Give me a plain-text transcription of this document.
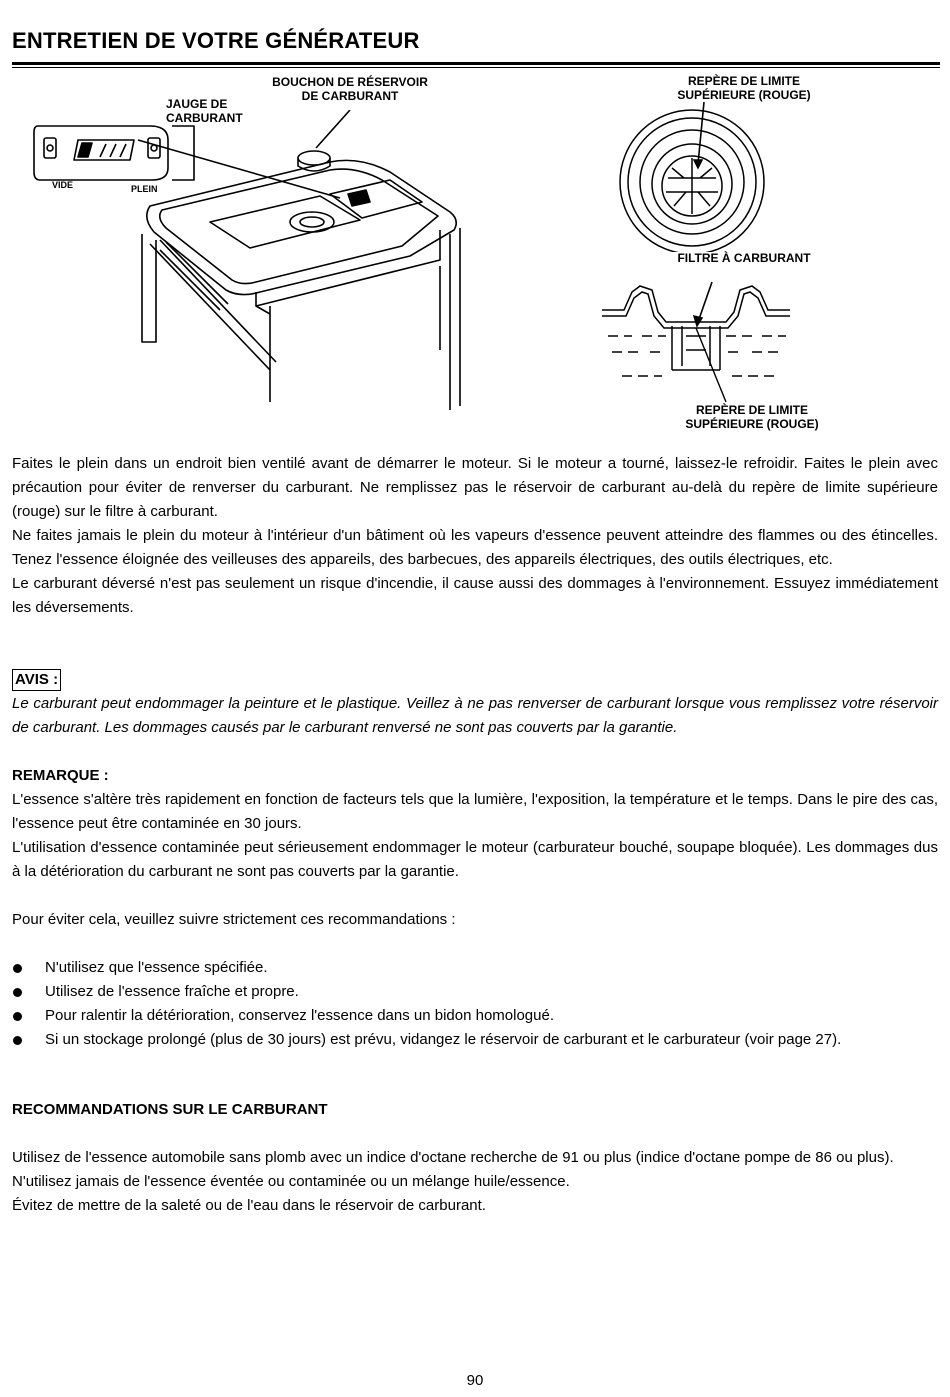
ENTRETIEN DE VOTRE GÉNÉRATEUR
BOUCHON DE RÉSERVOIR
DE CARBURANT
JAUGE DE
CARBURANT
VIDE	PLEIN
REPÈRE DE LIMITE
SUPÉRIEURE (ROUGE)
FILTRE À CARBURANT
REPÈRE DE LIMITE
SUPÉRIEURE (ROUGE)

Faites le plein dans un endroit bien ventilé avant de démarrer le moteur. Si le moteur a tourné, laissez-le refroidir. Faites le plein avec précaution pour éviter de renverser du carburant. Ne remplissez pas le réservoir de carburant au-delà du repère de limite supérieure (rouge) sur le filtre à carburant.

Ne faites jamais le plein du moteur à l'intérieur d'un bâtiment où les vapeurs d'essence peuvent atteindre des flammes ou des étincelles. Tenez l'essence éloignée des veilleuses des appareils, des barbecues, des appareils électriques, des outils électriques, etc.

Le carburant déversé n'est pas seulement un risque d'incendie, il cause aussi des dommages à l'environnement. Essuyez immédiatement les déversements.

AVIS :

Le carburant peut endommager la peinture et le plastique. Veillez à ne pas renverser de carburant lorsque vous remplissez votre réservoir de carburant. Les dommages causés par le carburant renversé ne sont pas couverts par la garantie.

REMARQUE :

L'essence s'altère très rapidement en fonction de facteurs tels que la lumière, l'exposition, la température et le temps. Dans le pire des cas, l'essence peut être contaminée en 30 jours.

L'utilisation d'essence contaminée peut sérieusement endommager le moteur (carburateur bouché, soupape bloquée). Les dommages dus à la détérioration du carburant ne sont pas couverts par la garantie.

Pour éviter cela, veuillez suivre strictement ces recommandations :

N'utilisez que l'essence spécifiée.
Utilisez de l'essence fraîche et propre.
Pour ralentir la détérioration, conservez l'essence dans un bidon homologué.
Si un stockage prolongé (plus de 30 jours) est prévu, vidangez le réservoir de carburant et le carburateur (voir page 27).

RECOMMANDATIONS SUR LE CARBURANT

Utilisez de l'essence automobile sans plomb avec un indice d'octane recherche de 91 ou plus (indice d'octane pompe de 86 ou plus).

N'utilisez jamais de l'essence éventée ou contaminée ou un mélange huile/essence.

Évitez de mettre de la saleté ou de l'eau dans le réservoir de carburant.

90
